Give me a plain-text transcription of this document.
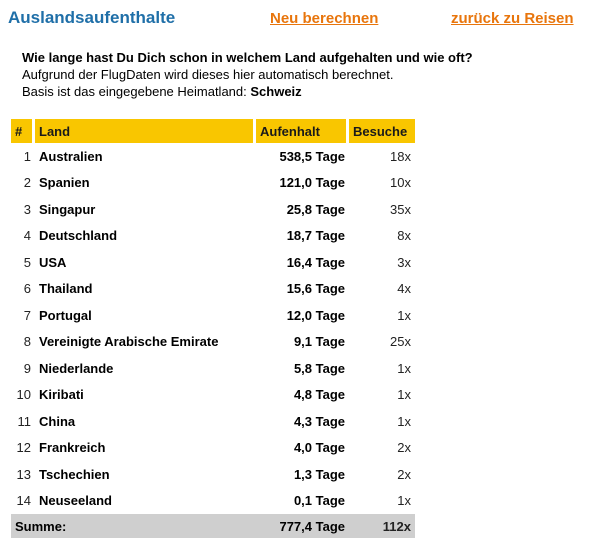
Auslandsaufenthalte	Neu berechnen	zurück zu Reisen
Wie lange hast Du Dich schon in welchem Land aufgehalten und wie oft?
Aufgrund der FlugDaten wird dieses hier automatisch berechnet.
Basis ist das eingegebene Heimatland: Schweiz
#	Land	Aufenhalt	Besuche
1	Australien	538,5 Tage	18x
2	Spanien	121,0 Tage	10x
3	Singapur	25,8 Tage	35x
4	Deutschland	18,7 Tage	8x
5	USA	16,4 Tage	3x
6	Thailand	15,6 Tage	4x
7	Portugal	12,0 Tage	1x
8	Vereinigte Arabische Emirate	9,1 Tage	25x
9	Niederlande	5,8 Tage	1x
10	Kiribati	4,8 Tage	1x
11	China	4,3 Tage	1x
12	Frankreich	4,0 Tage	2x
13	Tschechien	1,3 Tage	2x
14	Neuseeland	0,1 Tage	1x
Summe:		777,4 Tage	112x
